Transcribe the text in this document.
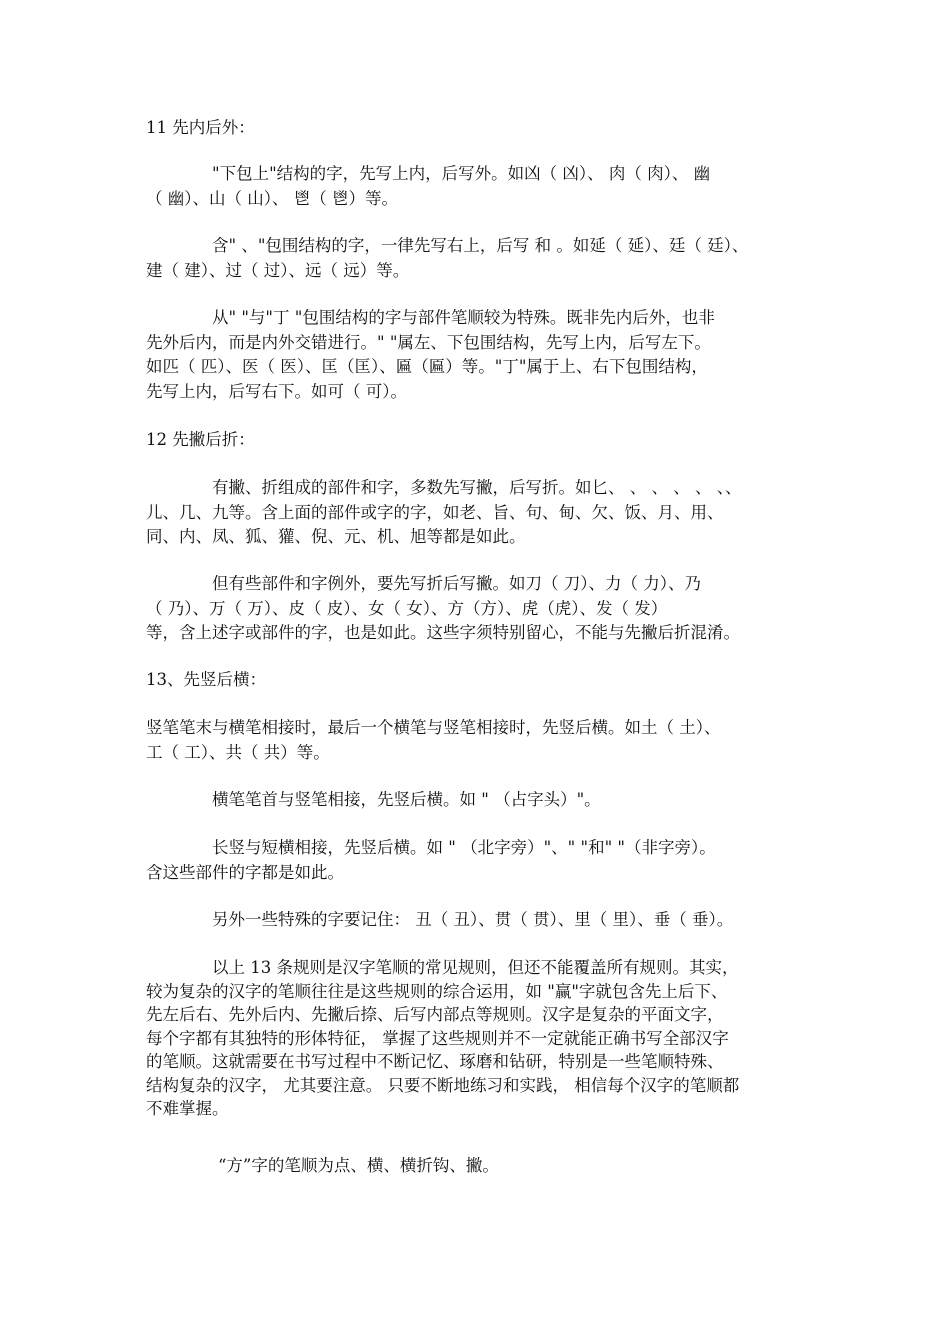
11 先内后外：
"下包上"结构的字，先写上内，后写外。如凶（ 凶）、 肉（ 肉）、 幽
（ 幽）、山（ 山）、 鬯（ 鬯）等。
含" 、"包围结构的字，一律先写右上，后写 和 。如延（ 延）、廷（ 廷）、
建（ 建）、过（ 过）、远（ 远）等。
从" "与"丁 "包围结构的字与部件笔顺较为特殊。既非先内后外，也非
先外后内，而是内外交错进行。" "属左、下包围结构，先写上内，后写左下。
如匹（ 匹）、医（ 医）、匡（匡）、匾（匾）等。"丁"属于上、右下包围结构，
先写上内，后写右下。如可（ 可）。
12 先撇后折：
有撇、折组成的部件和字，多数先写撇，后写折。如匕、 、 、 、 、 、、
儿、几、九等。含上面的部件或字的字，如老、旨、句、甸、欠、饭、月、用、
同、内、凤、狐、獾、倪、元、机、旭等都是如此。
但有些部件和字例外，要先写折后写撇。如刀（ 刀）、力（ 力）、乃
（ 乃）、万（ 万）、皮（ 皮）、女（ 女）、方（方）、虎（虎）、发（ 发）
等，含上述字或部件的字，也是如此。这些字须特别留心，不能与先撇后折混淆。
13、先竖后横：
竖笔笔末与横笔相接时，最后一个横笔与竖笔相接时，先竖后横。如土（ 土）、
工（ 工）、共（ 共）等。
横笔笔首与竖笔相接，先竖后横。如 " （占字头）"。
长竖与短横相接，先竖后横。如 " （北字旁）"、" "和" "（非字旁）。
含这些部件的字都是如此。
另外一些特殊的字要记住： 丑（ 丑）、贯（ 贯）、里（ 里）、垂（ 垂）。
以上 13 条规则是汉字笔顺的常见规则，但还不能覆盖所有规则。其实，
较为复杂的汉字的笔顺往往是这些规则的综合运用，如 "赢"字就包含先上后下、
先左后右、先外后内、先撇后捺、后写内部点等规则。汉字是复杂的平面文字，
每个字都有其独特的形体特征， 掌握了这些规则并不一定就能正确书写全部汉字
的笔顺。这就需要在书写过程中不断记忆、琢磨和钻研，特别是一些笔顺特殊、
结构复杂的汉字， 尤其要注意。 只要不断地练习和实践， 相信每个汉字的笔顺都
不难掌握。
“方”字的笔顺为点、横、横折钩、撇。
